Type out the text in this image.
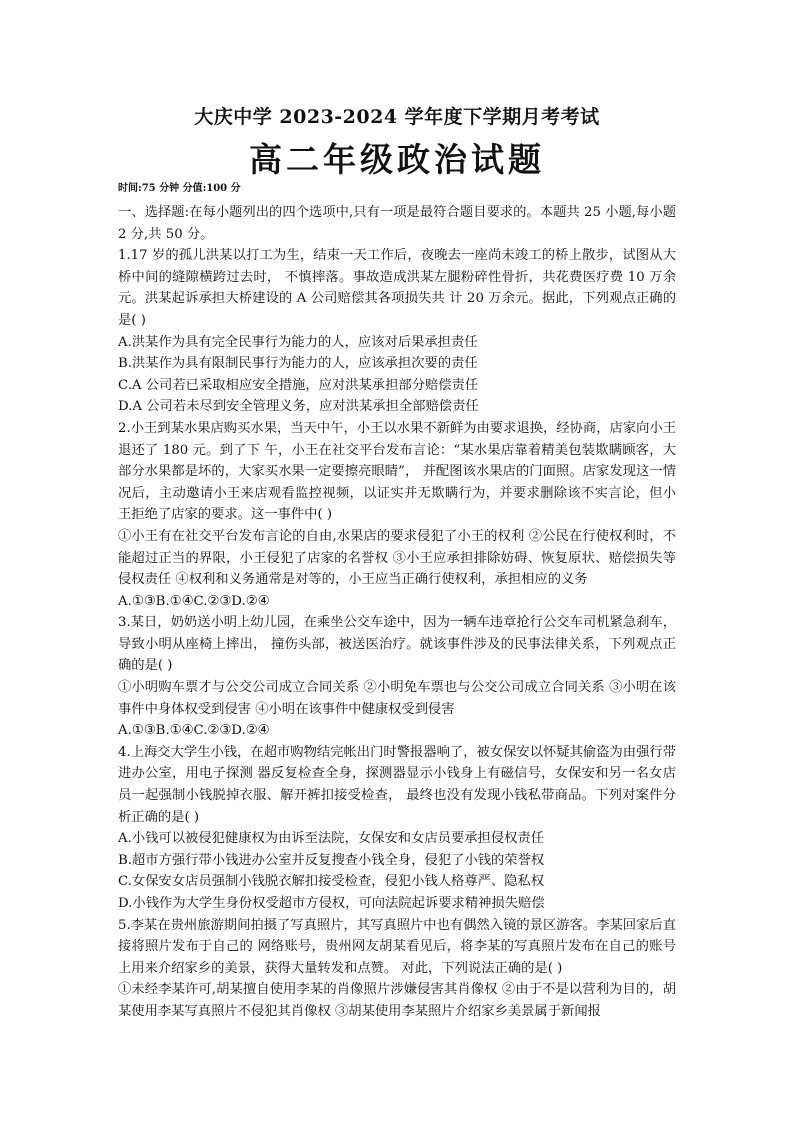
大庆中学 2023-2024 学年度下学期月考考试
高二年级政治试题
时间:75 分钟 分值:100 分

一、选择题:在每小题列出的四个选项中,只有一项是最符合题目要求的。本题共 25 小题,每小题 2 分,共 50 分。

1.17 岁的孤儿洪某以打工为生，结束一天工作后，夜晚去一座尚未竣工的桥上散步，试图从大桥中间的缝隙横跨过去时， 不慎摔落。事故造成洪某左腿粉碎性骨折，共花费医疗费 10 万余元。洪某起诉承担大桥建设的 A 公司赔偿其各项损失共 计 20 万余元。据此，下列观点正确的是( )

A.洪某作为具有完全民事行为能力的人，应该对后果承担责任

B.洪某作为具有限制民事行为能力的人，应该承担次要的责任

C.A 公司若已采取相应安全措施，应对洪某承担部分赔偿责任

D.A 公司若未尽到安全管理义务，应对洪某承担全部赔偿责任

2.小王到某水果店购买水果，当天中午，小王以水果不新鲜为由要求退换，经协商，店家向小王退还了 180 元。到了下 午，小王在社交平台发布言论：“某水果店靠着精美包装欺瞒顾客，大部分水果都是坏的，大家买水果一定要擦亮眼睛”， 并配图该水果店的门面照。店家发现这一情况后，主动邀请小王来店观看监控视频，以证实并无欺瞒行为，并要求删除该不实言论，但小王拒绝了店家的要求。这一事件中( )

①小王有在社交平台发布言论的自由,水果店的要求侵犯了小王的权利 ②公民在行使权利时，不能超过正当的界限，小王侵犯了店家的名誉权 ③小王应承担排除妨碍、恢复原状、赔偿损失等侵权责任 ④权利和义务通常是对等的，小王应当正确行使权利，承担相应的义务

A.①③B.①④C.②③D.②④

3.某日，奶奶送小明上幼儿园，在乘坐公交车途中，因为一辆车违章抢行公交车司机紧急刹车，导致小明从座椅上摔出， 撞伤头部，被送医治疗。就该事件涉及的民事法律关系，下列观点正确的是( )

①小明购车票才与公交公司成立合同关系 ②小明免车票也与公交公司成立合同关系 ③小明在该事件中身体权受到侵害 ④小明在该事件中健康权受到侵害

A.①③B.①④C.②③D.②④

4.上海交大学生小钱，在超市购物结完帐出门时警报器响了，被女保安以怀疑其偷盗为由强行带进办公室，用电子探测 器反复检查全身，探测器显示小钱身上有磁信号，女保安和另一名女店员一起强制小钱脱掉衣服、解开裤扣接受检查， 最终也没有发现小钱私带商品。下列对案件分析正确的是( )

A.小钱可以被侵犯健康权为由诉至法院，女保安和女店员要承担侵权责任

B.超市方强行带小钱进办公室并反复搜查小钱全身，侵犯了小钱的荣誉权

C.女保安女店员强制小钱脱衣解扣接受检查，侵犯小钱人格尊严、隐私权

D.小钱作为大学生身份权受超市方侵权，可向法院起诉要求精神损失赔偿

5.李某在贵州旅游期间拍摄了写真照片，其写真照片中也有偶然入镜的景区游客。李某回家后直接将照片发布于自己的 网络账号，贵州网友胡某看见后，将李某的写真照片发布在自己的账号上用来介绍家乡的美景，获得大量转发和点赞。 对此，下列说法正确的是( )

①未经李某许可,胡某擅自使用李某的肖像照片涉嫌侵害其肖像权 ②由于不是以营利为目的，胡某使用李某写真照片不侵犯其肖像权 ③胡某使用李某照片介绍家乡美景属于新闻报
